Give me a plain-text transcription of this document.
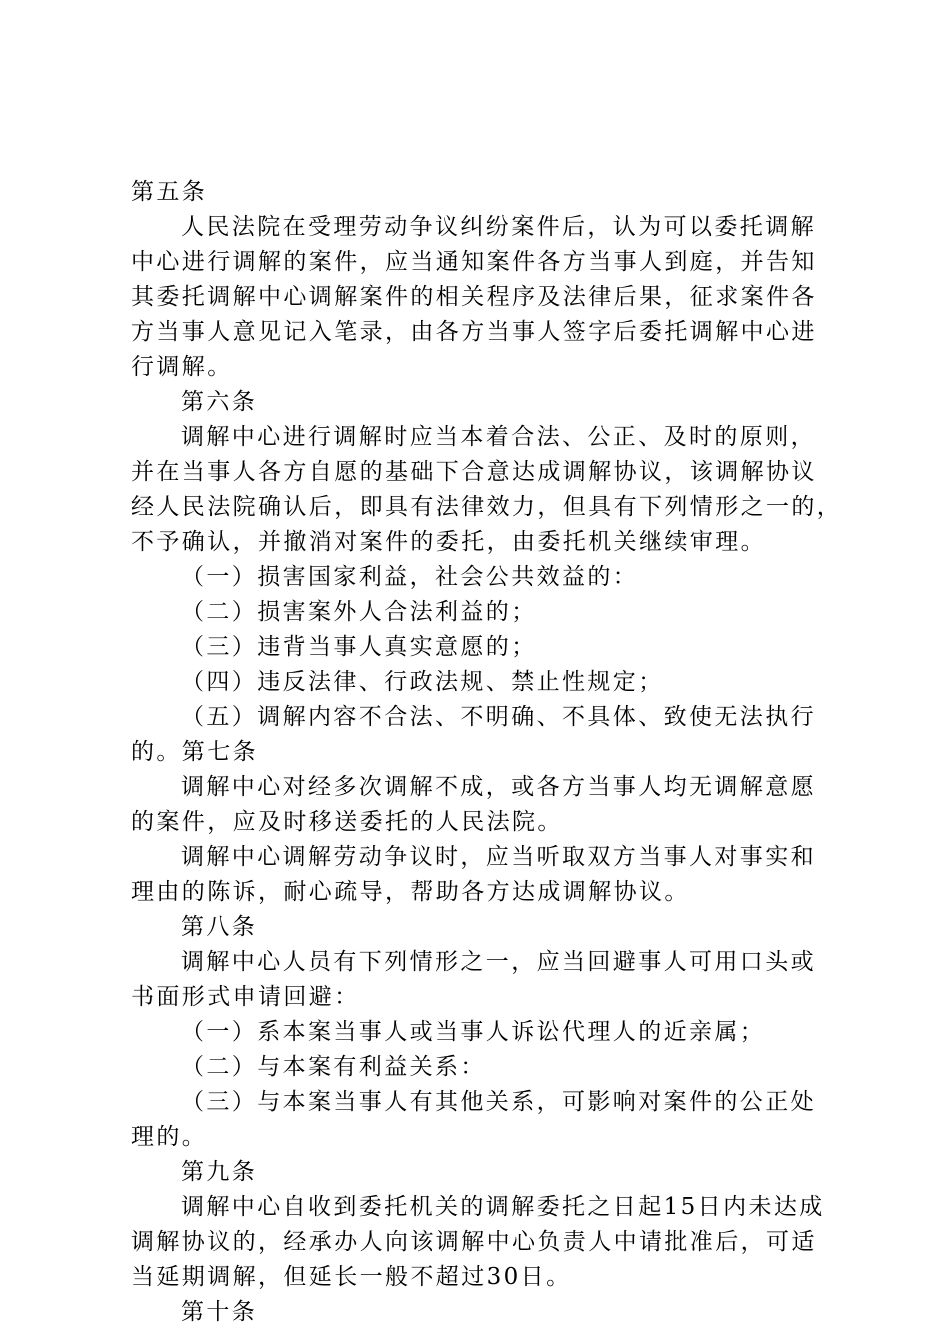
第五条
人民法院在受理劳动争议纠纷案件后，认为可以委托调解
中心进行调解的案件，应当通知案件各方当事人到庭，并告知
其委托调解中心调解案件的相关程序及法律后果，征求案件各
方当事人意见记入笔录，由各方当事人签字后委托调解中心进
行调解。
第六条
调解中心进行调解时应当本着合法、公正、及时的原则，
并在当事人各方自愿的基础下合意达成调解协议，该调解协议
经人民法院确认后，即具有法律效力，但具有下列情形之一的，
不予确认，并撤消对案件的委托，由委托机关继续审理。
（一）损害国家利益，社会公共效益的：
（二）损害案外人合法利益的；
（三）违背当事人真实意愿的；
（四）违反法律、行政法规、禁止性规定；
（五）调解内容不合法、不明确、不具体、致使无法执行
的。第七条
调解中心对经多次调解不成，或各方当事人均无调解意愿
的案件，应及时移送委托的人民法院。
调解中心调解劳动争议时，应当听取双方当事人对事实和
理由的陈诉，耐心疏导，帮助各方达成调解协议。
第八条
调解中心人员有下列情形之一，应当回避事人可用口头或
书面形式申请回避：
（一）系本案当事人或当事人诉讼代理人的近亲属；
（二）与本案有利益关系：
（三）与本案当事人有其他关系，可影响对案件的公正处
理的。
第九条
调解中心自收到委托机关的调解委托之日起15日内未达成
调解协议的，经承办人向该调解中心负责人中请批准后，可适
当延期调解，但延长一般不超过30日。
第十条
